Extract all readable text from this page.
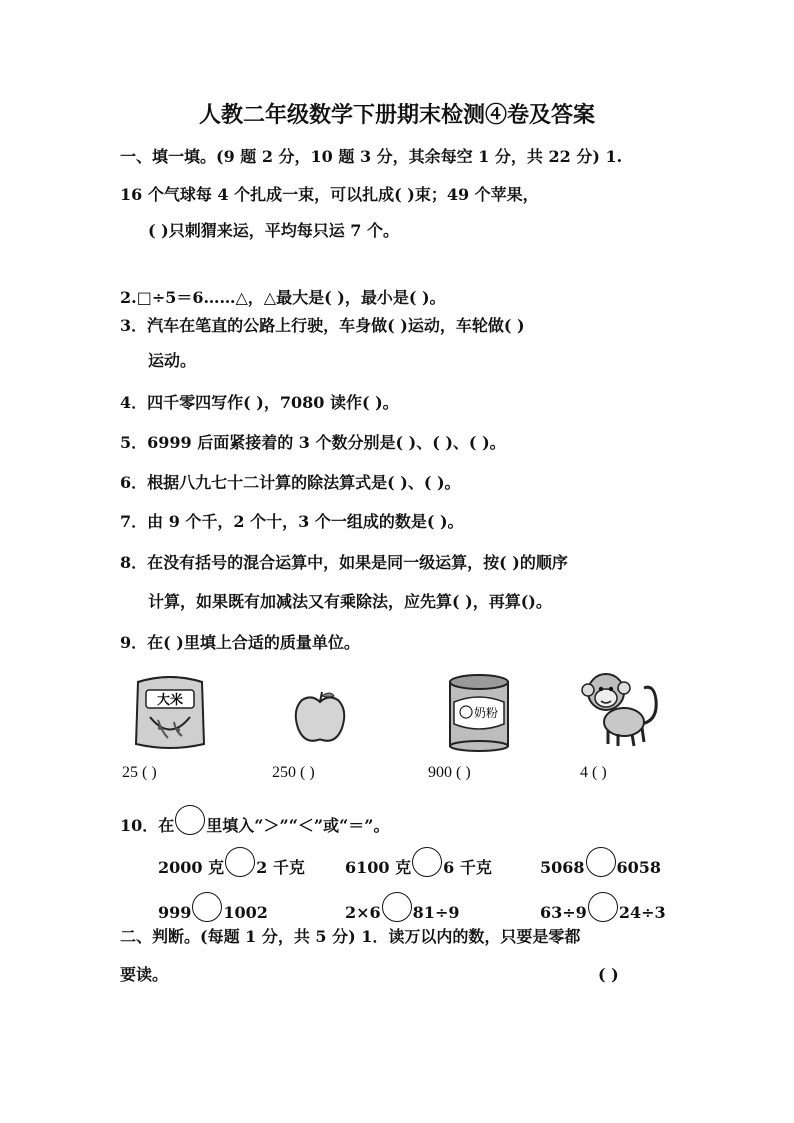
人教二年级数学下册期末检测④卷及答案
一、填一填。(9 题 2 分，10 题 3 分，其余每空 1 分，共 22 分) 1.
16 个气球每 4 个扎成一束，可以扎成( )束；49 个苹果，
( )只刺猬来运，平均每只运 7 个。
2.□÷5＝6……△，△最大是( )，最小是( )。
3．汽车在笔直的公路上行驶，车身做( )运动，车轮做( )
运动。
4．四千零四写作( )，7080 读作( )。
5．6999 后面紧接着的 3 个数分别是( )、( )、( )。
6．根据八九七十二计算的除法算式是( )、( )。
7．由 9 个千，2 个十，3 个一组成的数是( )。
8．在没有括号的混合运算中，如果是同一级运算，按( )的顺序
计算，如果既有加减法又有乘除法，应先算( )，再算()。
9．在( )里填上合适的质量单位。
大米
奶粉
25 ( )	250 ( )	900 ( )	4 ( )
10．在 里填入“＞”“＜”或“＝”。
2000 克 2 千克	6100 克 6 千克	5068 6058
999 1002	2×6 81÷9	63÷9 24÷3
二、判断。(每题 1 分，共 5 分) 1．读万以内的数，只要是零都
要读。	( )
